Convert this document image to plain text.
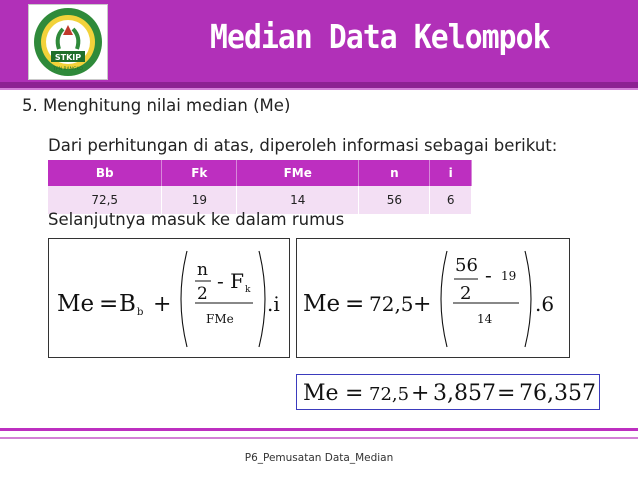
STKIP
TPN BANGKO
Median Data Kelompok
5. Menghitung nilai median (Me)
Dari perhitungan di atas, diperoleh informasi sebagai berikut:
Bb	Fk	FMe	n	i
72,5	19	14	56	6
Selanjutnya masuk ke dalam rumus
Me = B b +
n
2
- F k
FMe
.i Me = 72,5 +
56
2
- 19
14
.6
Me = 72,5 + 3,857 = 76,357
P6_Pemusatan Data_Median
